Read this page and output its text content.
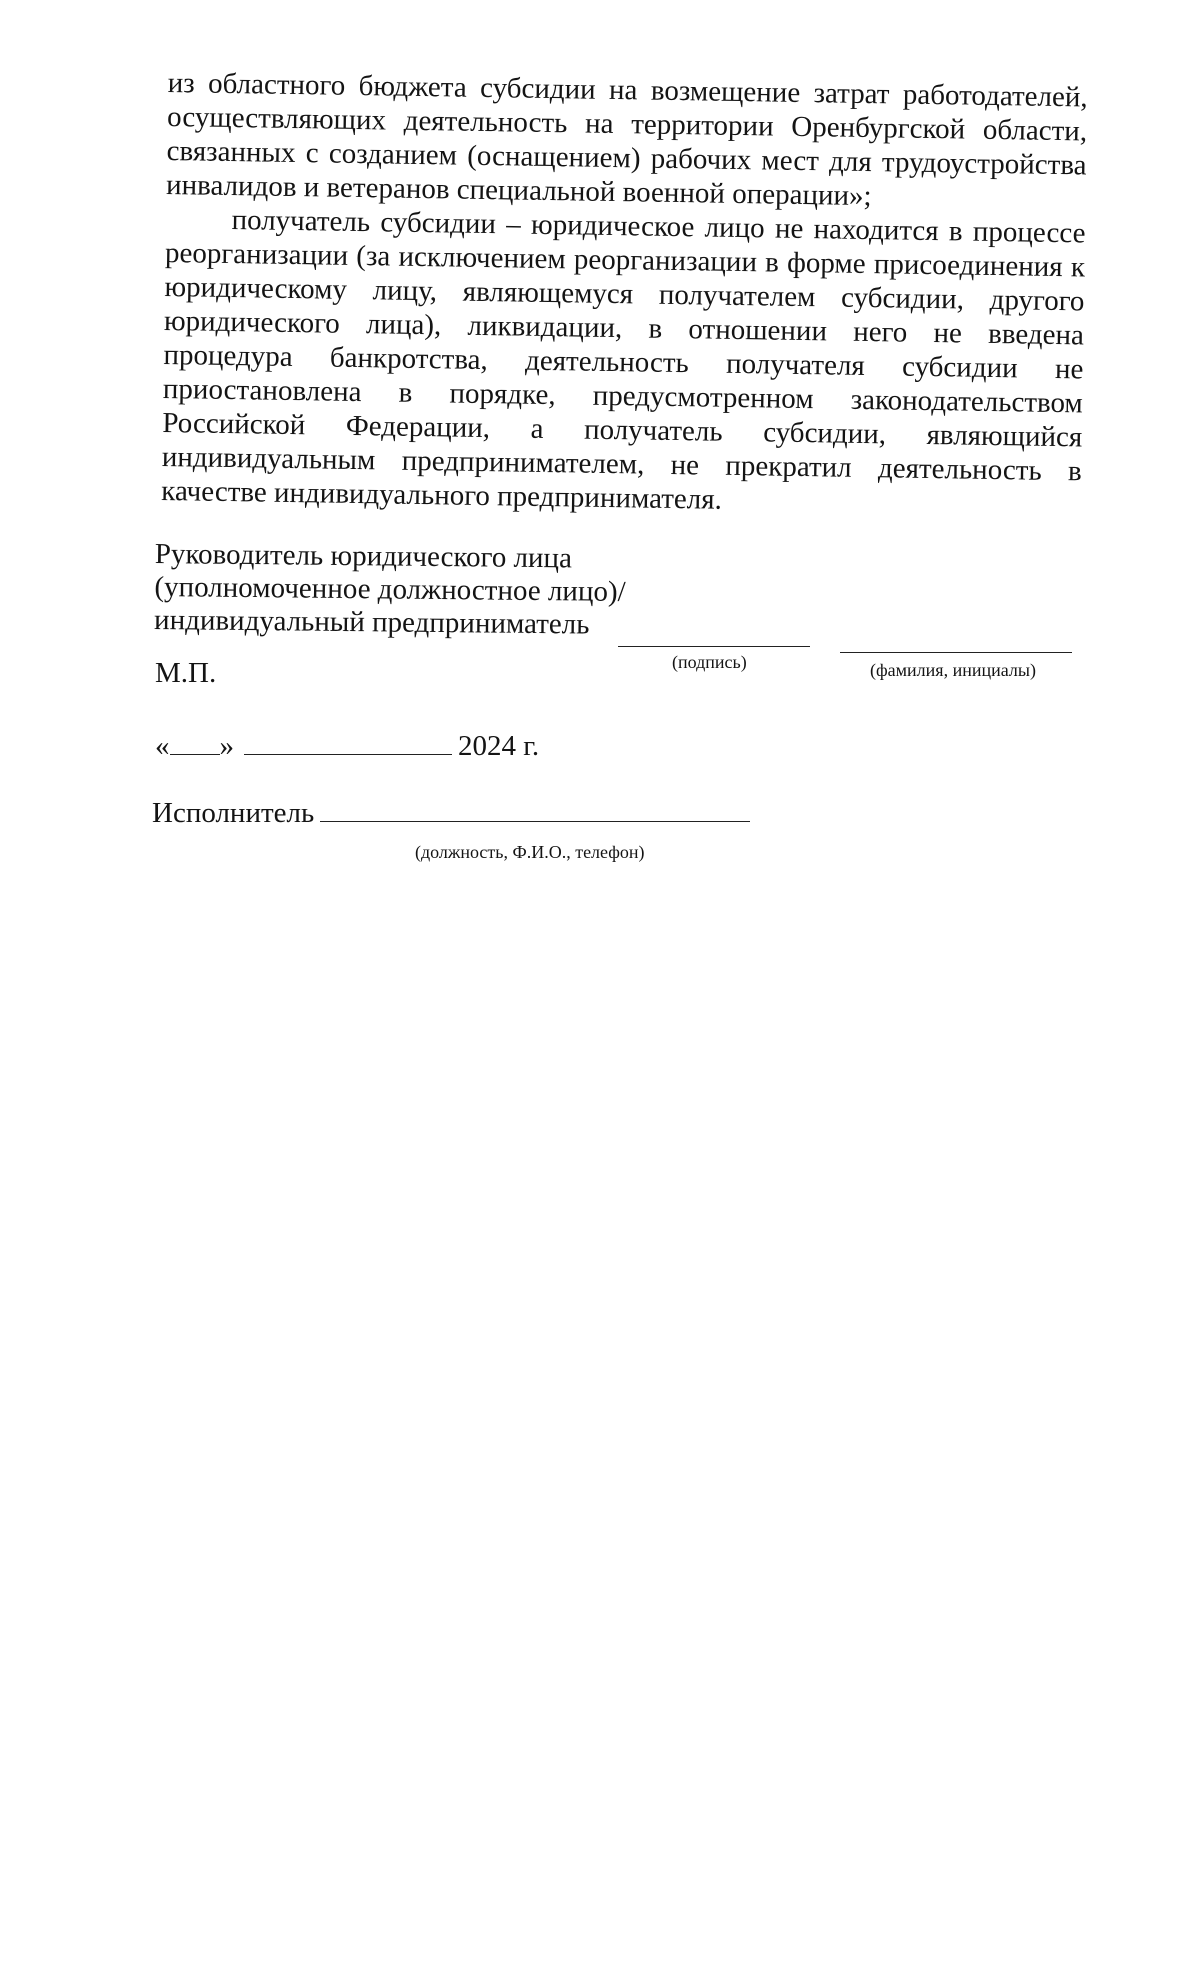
из областного бюджета субсидии на возмещение затрат работодателей, осуществляющих деятельность на территории Оренбургской области, связанных с созданием (оснащением) рабочих мест для трудоустройства инвалидов и ветеранов специальной военной операции»;

получатель субсидии – юридическое лицо не находится в процессе реорганизации (за исключением реорганизации в форме присоединения к юридическому лицу, являющемуся получателем субсидии, другого юридического лица), ликвидации, в отношении него не введена процедура банкротства, деятельность получателя субсидии не приостановлена в порядке, предусмотренном законодательством Российской Федерации, а получатель субсидии, являющийся индивидуальным предпринимателем, не прекратил деятельность в качестве индивидуального предпринимателя.

Руководитель юридического лица
(уполномоченное должностное лицо)/
индивидуальный предприниматель
(подпись)	(фамилия, инициалы)
М.П.
« »	2024 г.
Исполнитель
(должность, Ф.И.О., телефон)
